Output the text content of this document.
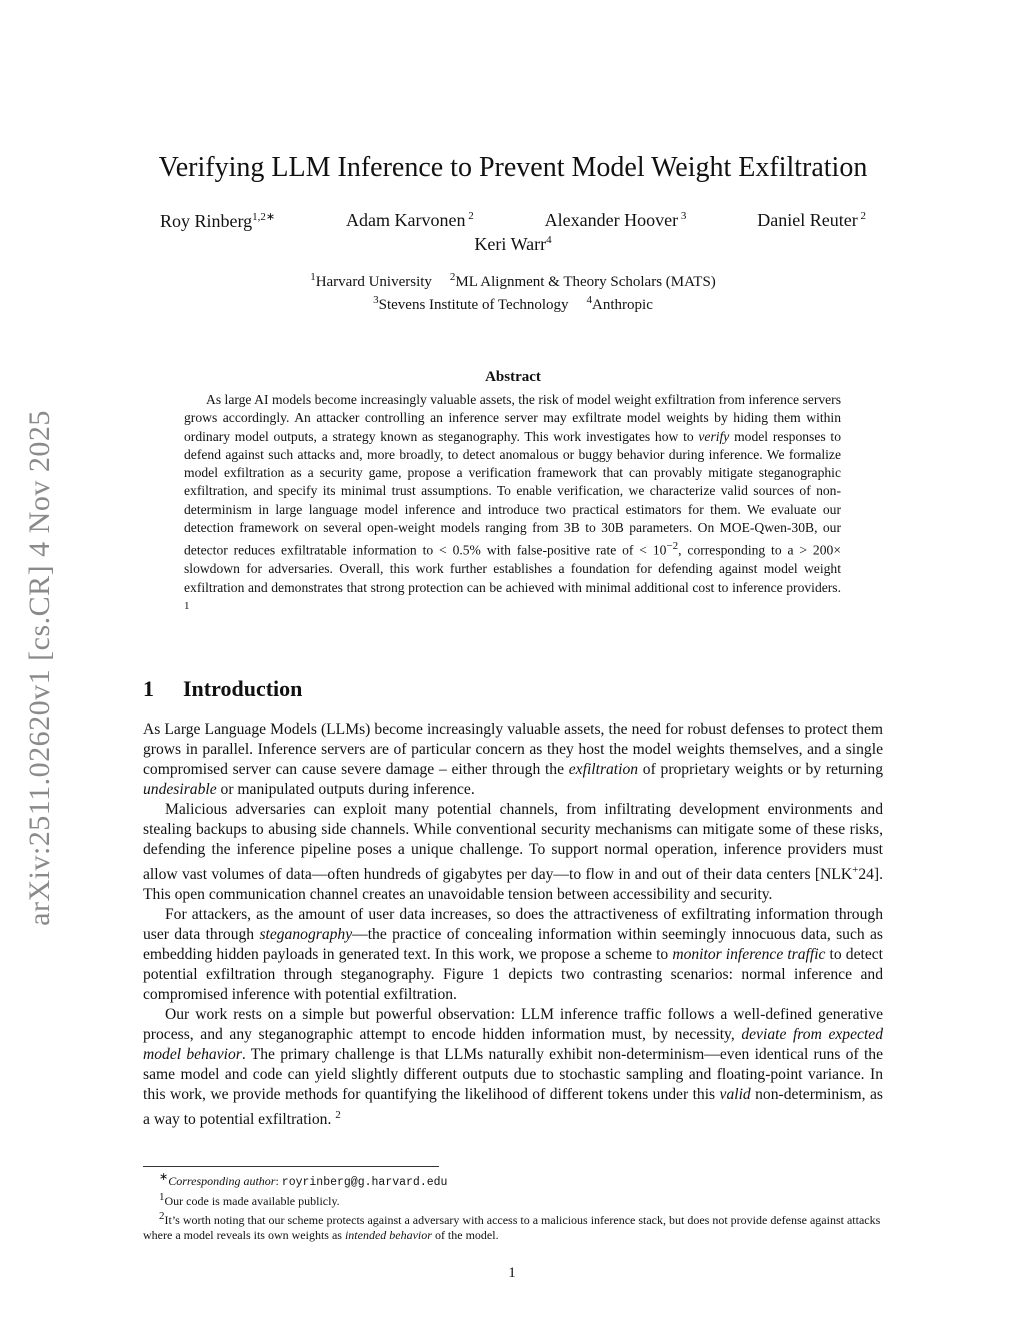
arXiv:2511.02620v1 [cs.CR] 4 Nov 2025
Verifying LLM Inference to Prevent Model Weight Exfiltration
Roy Rinberg$^{1,2∗}$	Adam Karvonen $^2$	Alexander Hoover $^3$	Daniel Reuter $^2$
Keri Warr$^4$
$^1$Harvard University $^2$ML Alignment & Theory Scholars (MATS)
$^3$Stevens Institute of Technology $^4$Anthropic
Abstract
As large AI models become increasingly valuable assets, the risk of model weight exfiltration from inference servers grows accordingly. An attacker controlling an inference server may exfiltrate model weights by hiding them within ordinary model outputs, a strategy known as steganography. This work investigates how to verify model responses to defend against such attacks and, more broadly, to detect anomalous or buggy behavior during inference. We formalize model exfiltration as a security game, propose a verification framework that can provably mitigate steganographic exfiltration, and specify its minimal trust assumptions. To enable verification, we characterize valid sources of non-determinism in large language model inference and introduce two practical estimators for them. We evaluate our detection framework on several open-weight models ranging from 3B to 30B parameters. On MOE-Qwen-30B, our detector reduces exfiltratable information to < 0.5% with false-positive rate of < $10^{-2}$, corresponding to a > 200× slowdown for adversaries. Overall, this work further establishes a foundation for defending against model weight exfiltration and demonstrates that strong protection can be achieved with minimal additional cost to inference providers. $^1$
1 Introduction

As Large Language Models (LLMs) become increasingly valuable assets, the need for robust defenses to protect them grows in parallel. Inference servers are of particular concern as they host the model weights themselves, and a single compromised server can cause severe damage – either through the exfiltration of proprietary weights or by returning undesirable or manipulated outputs during inference.

Malicious adversaries can exploit many potential channels, from infiltrating development environments and stealing backups to abusing side channels. While conventional security mechanisms can mitigate some of these risks, defending the inference pipeline poses a unique challenge. To support normal operation, inference providers must allow vast volumes of data—often hundreds of gigabytes per day—to flow in and out of their data centers [NLK+24]. This open communication channel creates an unavoidable tension between accessibility and security.

For attackers, as the amount of user data increases, so does the attractiveness of exfiltrating information through user data through steganography—the practice of concealing information within seemingly innocuous data, such as embedding hidden payloads in generated text. In this work, we propose a scheme to monitor inference traffic to detect potential exfiltration through steganography. Figure 1 depicts two contrasting scenarios: normal inference and compromised inference with potential exfiltration.

Our work rests on a simple but powerful observation: LLM inference traffic follows a well-defined generative process, and any steganographic attempt to encode hidden information must, by necessity, deviate from expected model behavior. The primary challenge is that LLMs naturally exhibit non-determinism—even identical runs of the same model and code can yield slightly different outputs due to stochastic sampling and floating-point variance. In this work, we provide methods for quantifying the likelihood of different tokens under this valid non-determinism, as a way to potential exfiltration. $^2$

∗Corresponding author: royrinberg@g.harvard.edu
$^1$Our code is made available publicly.
$^2$It’s worth noting that our scheme protects against a adversary with access to a malicious inference stack, but does not provide defense against attacks where a model reveals its own weights as intended behavior of the model.
1
